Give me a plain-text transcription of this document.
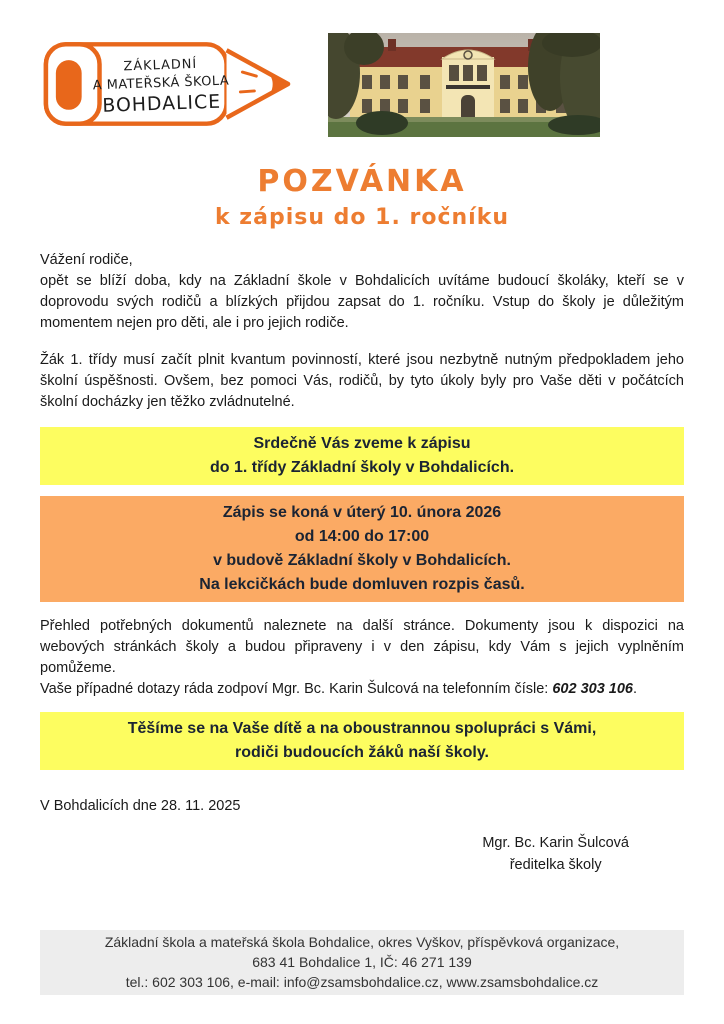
ZÁKLADNÍ
A MATEŘSKÁ ŠKOLA
BOHDALICE
POZVÁNKA
k zápisu do 1. ročníku

Vážení rodiče,

opět se blíží doba, kdy na Základní škole v Bohdalicích uvítáme budoucí školáky, kteří se v doprovodu svých rodičů a blízkých přijdou zapsat do 1. ročníku. Vstup do školy je důležitým momentem nejen pro děti, ale i pro jejich rodiče.

Žák 1. třídy musí začít plnit kvantum povinností, které jsou nezbytně nutným předpokladem jeho školní úspěšnosti. Ovšem, bez pomoci Vás, rodičů, by tyto úkoly byly pro Vaše děti v počátcích školní docházky jen těžko zvládnutelné.

Srdečně Vás zveme k zápisu
do 1. třídy Základní školy v Bohdalicích.
Zápis se koná v úterý 10. února 2026
od 14:00 do 17:00
v budově Základní školy v Bohdalicích.
Na lekcičkách bude domluven rozpis časů.

Přehled potřebných dokumentů naleznete na další stránce. Dokumenty jsou k dispozici na webových stránkách školy a budou připraveny i v den zápisu, kdy Vám s jejich vyplněním pomůžeme.

Vaše případné dotazy ráda zodpoví Mgr. Bc. Karin Šulcová na telefonním čísle: 602 303 106.

Těšíme se na Vaše dítě a na oboustrannou spolupráci s Vámi,
rodiči budoucích žáků naší školy.

V Bohdalicích dne 28. 11. 2025

Mgr. Bc. Karin Šulcová
ředitelka školy
Základní škola a mateřská škola Bohdalice, okres Vyškov, příspěvková organizace,
683 41 Bohdalice 1, IČ: 46 271 139
tel.: 602 303 106, e-mail: info@zsamsbohdalice.cz, www.zsamsbohdalice.cz
